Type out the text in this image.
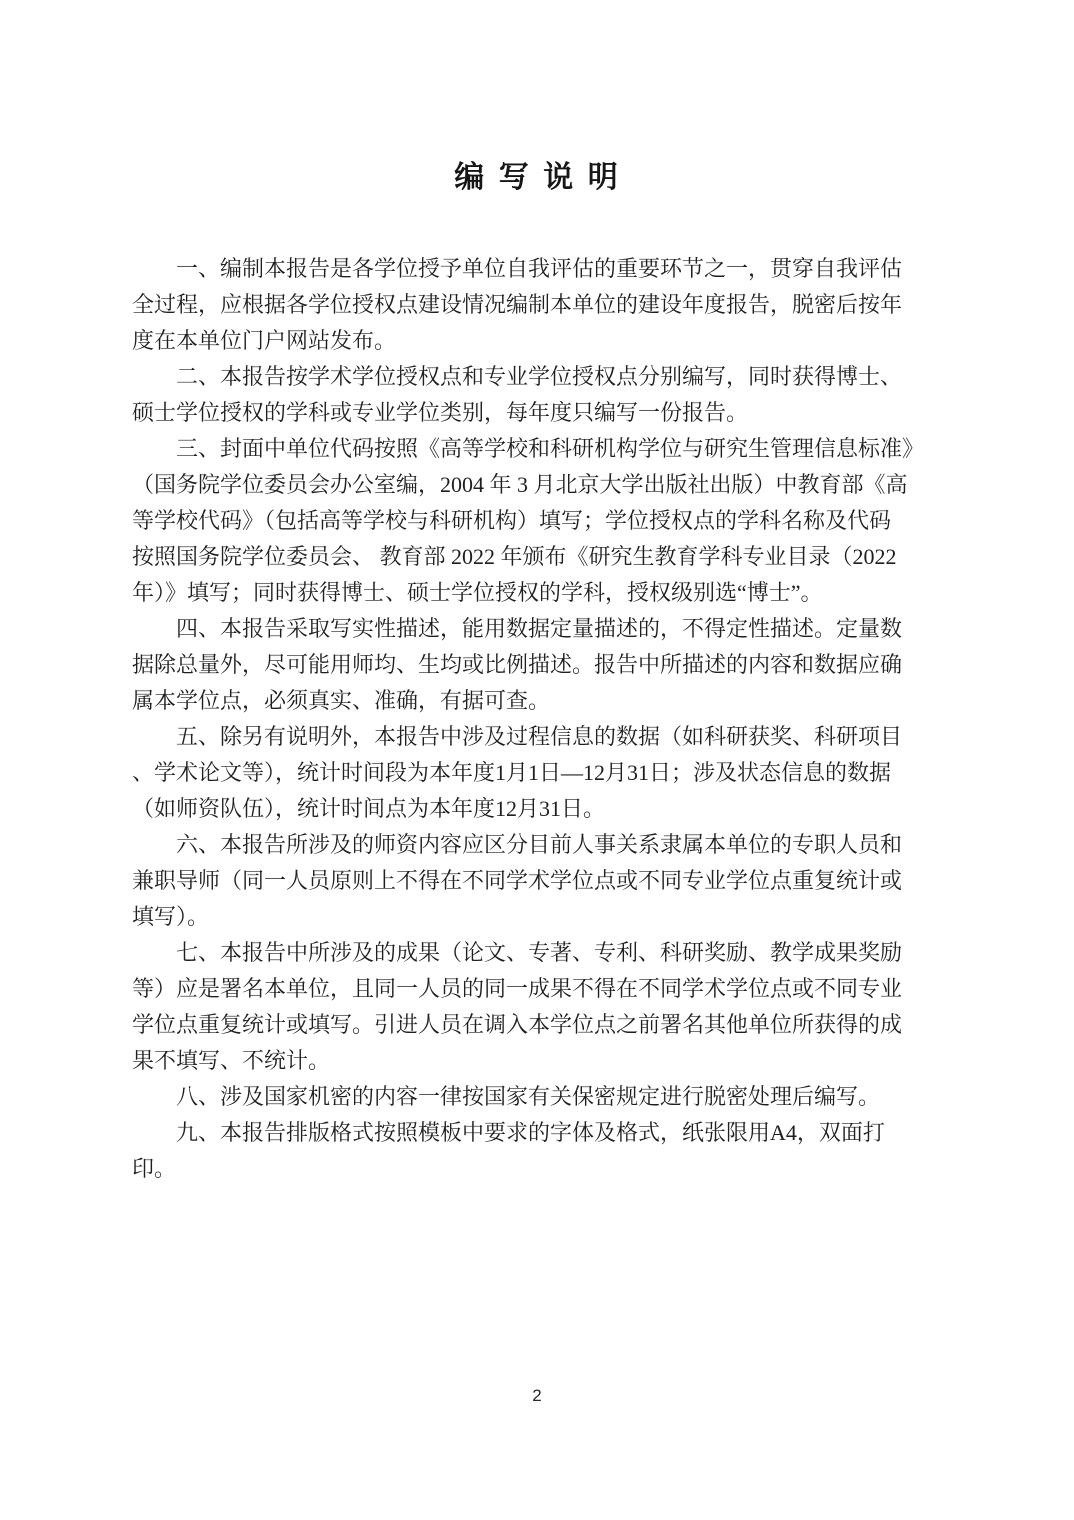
编 写 说 明
一、编制本报告是各学位授予单位自我评估的重要环节之一，贯穿自我评估
全过程，应根据各学位授权点建设情况编制本单位的建设年度报告，脱密后按年
度在本单位门户网站发布。
二、本报告按学术学位授权点和专业学位授权点分别编写，同时获得博士、
硕士学位授权的学科或专业学位类别，每年度只编写一份报告。
三、封面中单位代码按照《高等学校和科研机构学位与研究生管理信息标准》
（国务院学位委员会办公室编，2004 年 3 月北京大学出版社出版）中教育部《高
等学校代码》（包括高等学校与科研机构）填写；学位授权点的学科名称及代码
按照国务院学位委员会、 教育部 2022 年颁布《研究生教育学科专业目录（2022
年）》填写；同时获得博士、硕士学位授权的学科，授权级别选“博士”。
四、本报告采取写实性描述，能用数据定量描述的，不得定性描述。定量数
据除总量外，尽可能用师均、生均或比例描述。报告中所描述的内容和数据应确
属本学位点，必须真实、准确，有据可查。
五、除另有说明外，本报告中涉及过程信息的数据（如科研获奖、科研项目
、学术论文等），统计时间段为本年度1月1日—12月31日；涉及状态信息的数据
（如师资队伍），统计时间点为本年度12月31日。
六、本报告所涉及的师资内容应区分目前人事关系隶属本单位的专职人员和
兼职导师（同一人员原则上不得在不同学术学位点或不同专业学位点重复统计或
填写）。
七、本报告中所涉及的成果（论文、专著、专利、科研奖励、教学成果奖励
等）应是署名本单位，且同一人员的同一成果不得在不同学术学位点或不同专业
学位点重复统计或填写。引进人员在调入本学位点之前署名其他单位所获得的成
果不填写、不统计。
八、涉及国家机密的内容一律按国家有关保密规定进行脱密处理后编写。
九、本报告排版格式按照模板中要求的字体及格式，纸张限用A4，双面打
印。
2
